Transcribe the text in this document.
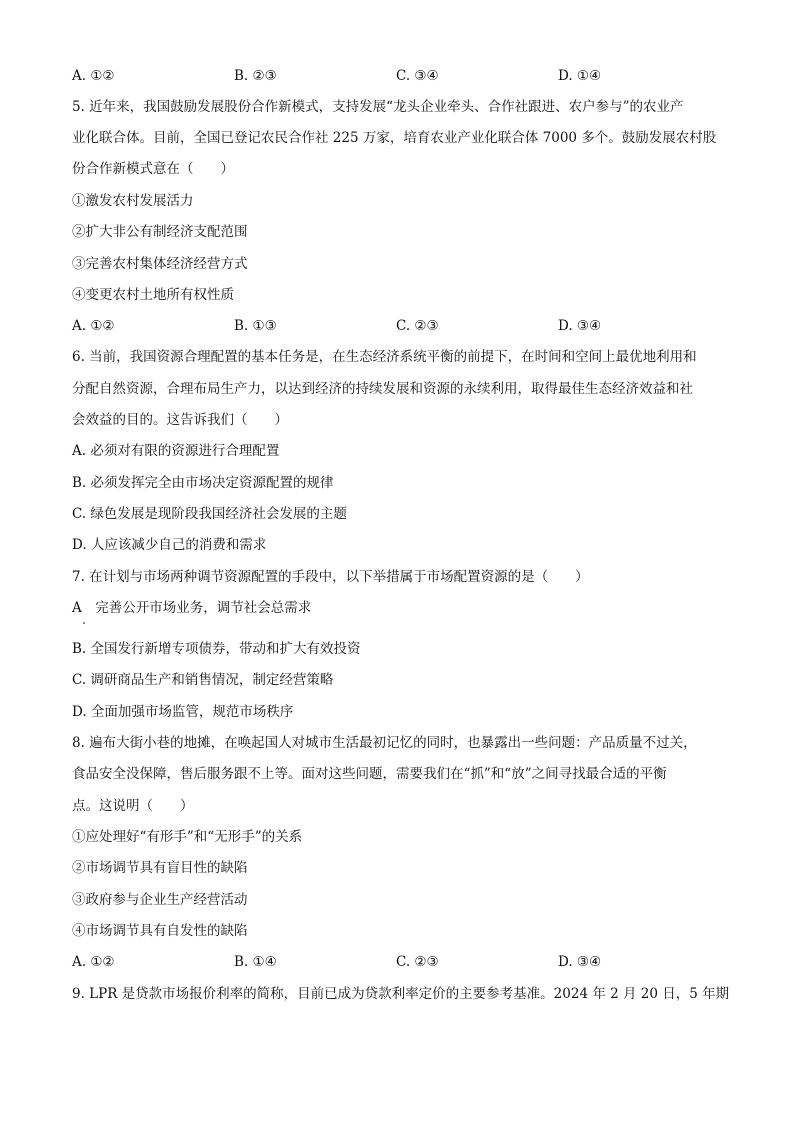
A. ①②	B. ②③	C. ③④	D. ①④
5. 近年来，我国鼓励发展股份合作新模式，支持发展“龙头企业牵头、合作社跟进、农户参与”的农业产
业化联合体。目前，全国已登记农民合作社 225 万家，培育农业产业化联合体 7000 多个。鼓励发展农村股
份合作新模式意在（　　）
①激发农村发展活力
②扩大非公有制经济支配范围
③完善农村集体经济经营方式
④变更农村土地所有权性质
A. ①②	B. ①③	C. ②③	D. ③④
6. 当前，我国资源合理配置的基本任务是，在生态经济系统平衡的前提下，在时间和空间上最优地利用和
分配自然资源，合理布局生产力，以达到经济的持续发展和资源的永续利用，取得最佳生态经济效益和社
会效益的目的。这告诉我们（　　）
A. 必须对有限的资源进行合理配置
B. 必须发挥完全由市场决定资源配置的规律
C. 绿色发展是现阶段我国经济社会发展的主题
D. 人应该减少自己的消费和需求
7. 在计划与市场两种调节资源配置的手段中，以下举措属于市场配置资源的是（　　）
A　完善公开市场业务，调节社会总需求
B. 全国发行新增专项债券，带动和扩大有效投资
C. 调研商品生产和销售情况，制定经营策略
D. 全面加强市场监管，规范市场秩序
8. 遍布大街小巷的地摊，在唤起国人对城市生活最初记忆的同时，也暴露出一些问题：产品质量不过关，
食品安全没保障，售后服务跟不上等。面对这些问题，需要我们在“抓”和“放”之间寻找最合适的平衡
点。这说明（　　）
①应处理好“有形手”和“无形手”的关系
②市场调节具有盲目性的缺陷
③政府参与企业生产经营活动
④市场调节具有自发性的缺陷
A. ①②	B. ①④	C. ②③	D. ③④
9. LPR 是贷款市场报价利率的简称，目前已成为贷款利率定价的主要参考基准。2024 年 2 月 20 日，5 年期
